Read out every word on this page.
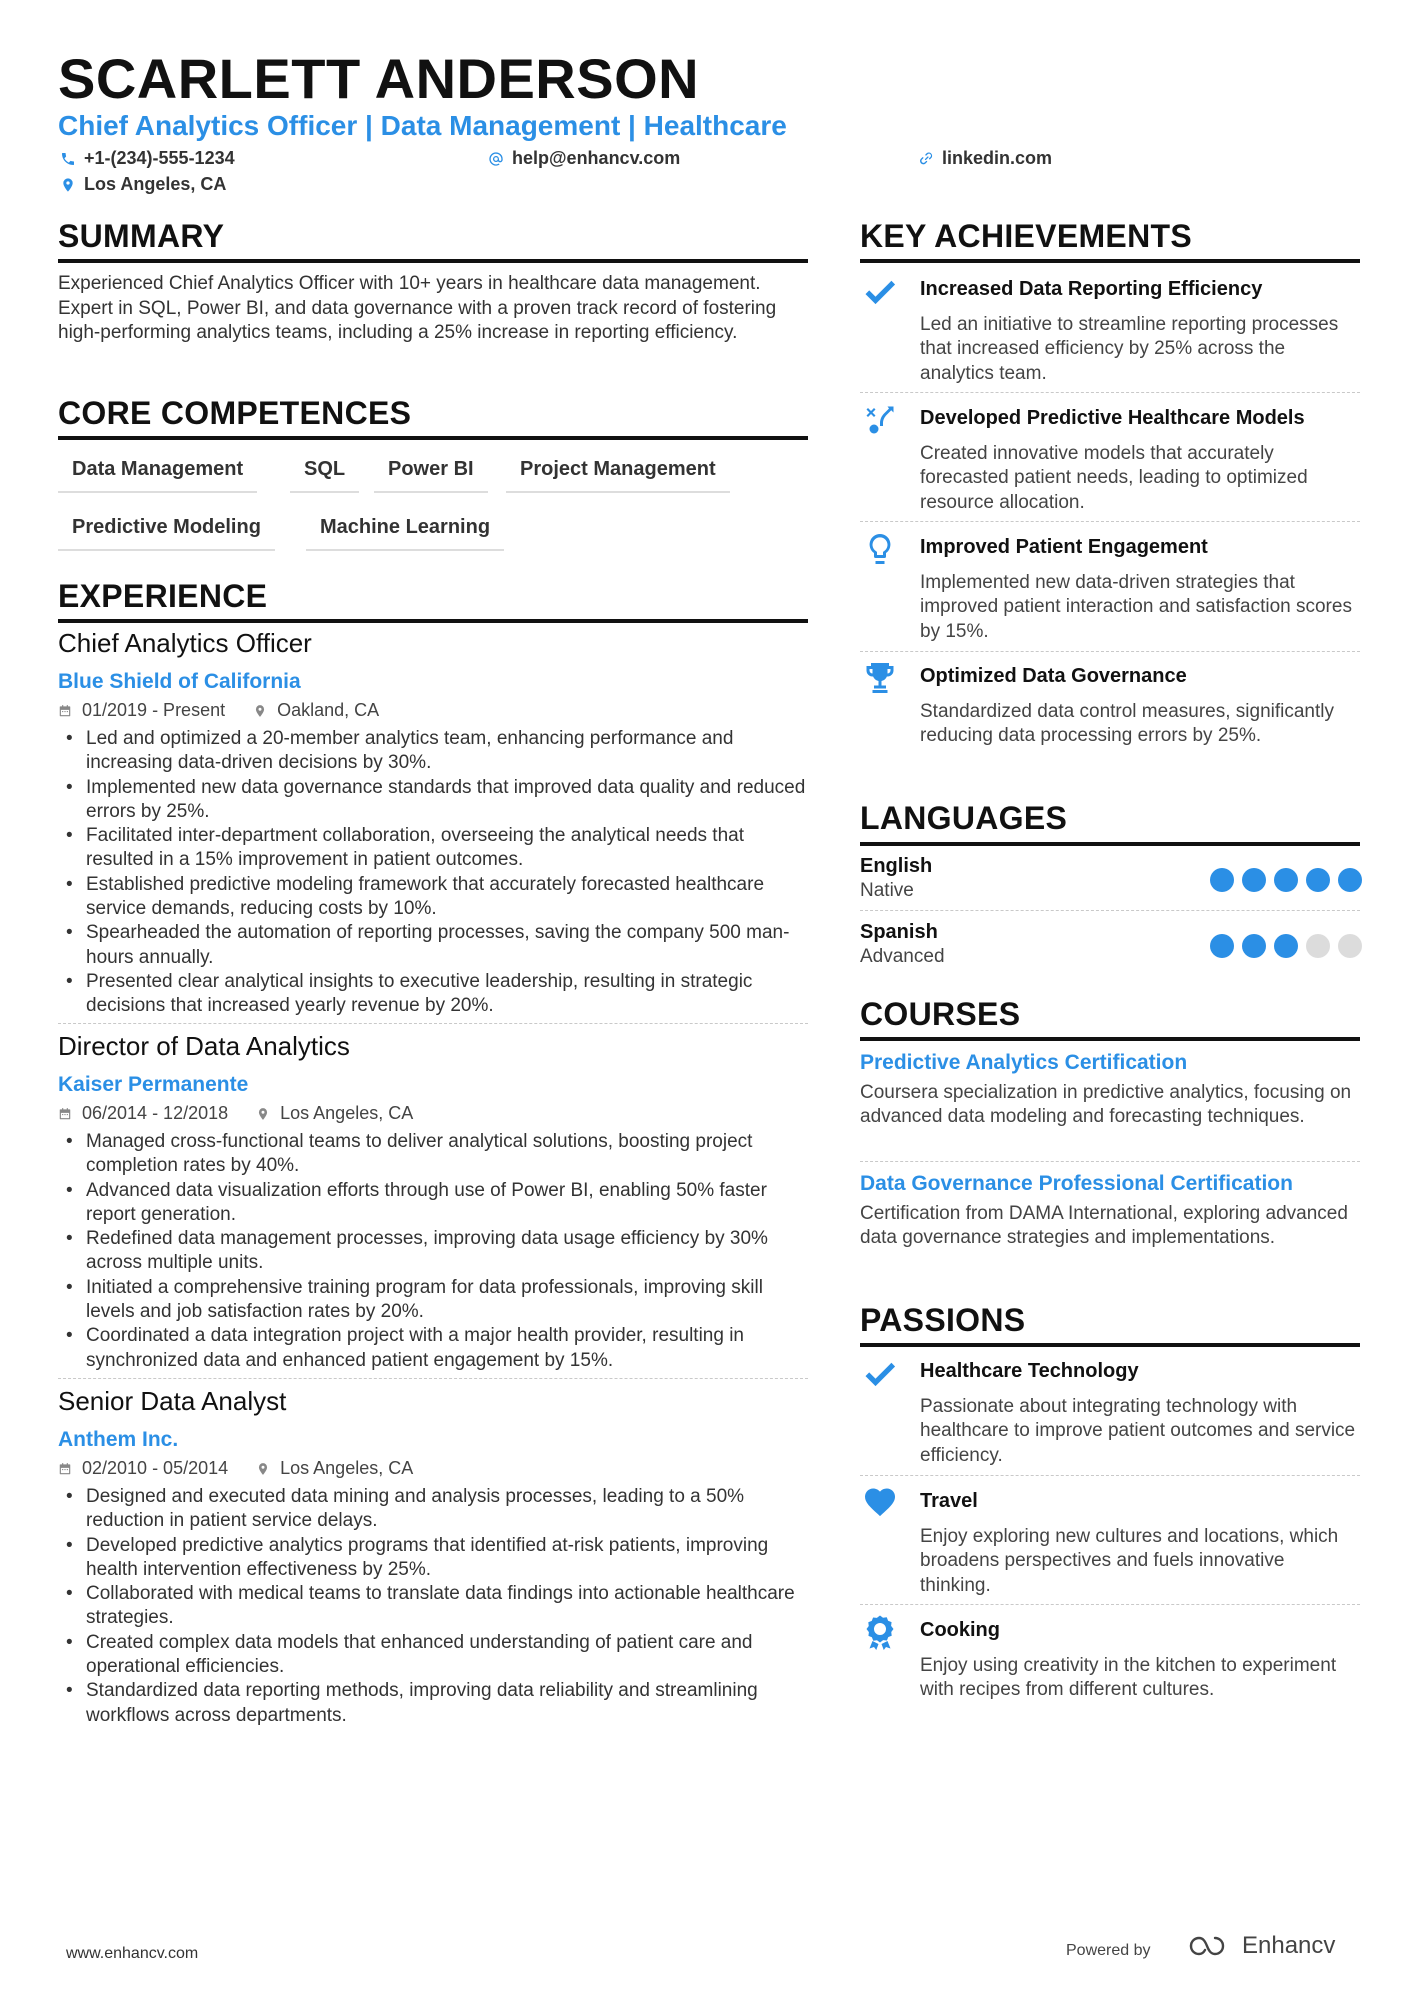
SCARLETT ANDERSON
Chief Analytics Officer | Data Management | Healthcare
+1-(234)-555-1234	help@enhancv.com	linkedin.com
Los Angeles, CA
SUMMARY
Experienced Chief Analytics Officer with 10+ years in healthcare data management. Expert in SQL, Power BI, and data governance with a proven track record of fostering high-performing analytics teams, including a 25% increase in reporting efficiency.
CORE COMPETENCES
Data Management	SQL	Power BI	Project Management
Predictive Modeling	Machine Learning
EXPERIENCE
Chief Analytics Officer
Blue Shield of California
01/2019 - Present	Oakland, CA
• Led and optimized a 20-member analytics team, enhancing performance and increasing data-driven decisions by 30%.
• Implemented new data governance standards that improved data quality and reduced errors by 25%.
• Facilitated inter-department collaboration, overseeing the analytical needs that resulted in a 15% improvement in patient outcomes.
• Established predictive modeling framework that accurately forecasted healthcare service demands, reducing costs by 10%.
• Spearheaded the automation of reporting processes, saving the company 500 man-hours annually.
• Presented clear analytical insights to executive leadership, resulting in strategic decisions that increased yearly revenue by 20%.
Director of Data Analytics
Kaiser Permanente
06/2014 - 12/2018	Los Angeles, CA
• Managed cross-functional teams to deliver analytical solutions, boosting project completion rates by 40%.
• Advanced data visualization efforts through use of Power BI, enabling 50% faster report generation.
• Redefined data management processes, improving data usage efficiency by 30% across multiple units.
• Initiated a comprehensive training program for data professionals, improving skill levels and job satisfaction rates by 20%.
• Coordinated a data integration project with a major health provider, resulting in synchronized data and enhanced patient engagement by 15%.
Senior Data Analyst
Anthem Inc.
02/2010 - 05/2014	Los Angeles, CA
• Designed and executed data mining and analysis processes, leading to a 50% reduction in patient service delays.
• Developed predictive analytics programs that identified at-risk patients, improving health intervention effectiveness by 25%.
• Collaborated with medical teams to translate data findings into actionable healthcare strategies.
• Created complex data models that enhanced understanding of patient care and operational efficiencies.
• Standardized data reporting methods, improving data reliability and streamlining workflows across departments.
KEY ACHIEVEMENTS
Increased Data Reporting Efficiency
Led an initiative to streamline reporting processes that increased efficiency by 25% across the analytics team.
Developed Predictive Healthcare Models
Created innovative models that accurately forecasted patient needs, leading to optimized resource allocation.
Improved Patient Engagement
Implemented new data-driven strategies that improved patient interaction and satisfaction scores by 15%.
Optimized Data Governance
Standardized data control measures, significantly reducing data processing errors by 25%.
LANGUAGES
English
Native
Spanish
Advanced
COURSES
Predictive Analytics Certification
Coursera specialization in predictive analytics, focusing on advanced data modeling and forecasting techniques.
Data Governance Professional Certification
Certification from DAMA International, exploring advanced data governance strategies and implementations.
PASSIONS
Healthcare Technology
Passionate about integrating technology with healthcare to improve patient outcomes and service efficiency.
Travel
Enjoy exploring new cultures and locations, which broadens perspectives and fuels innovative thinking.
Cooking
Enjoy using creativity in the kitchen to experiment with recipes from different cultures.
www.enhancv.com	Powered by	Enhancv
